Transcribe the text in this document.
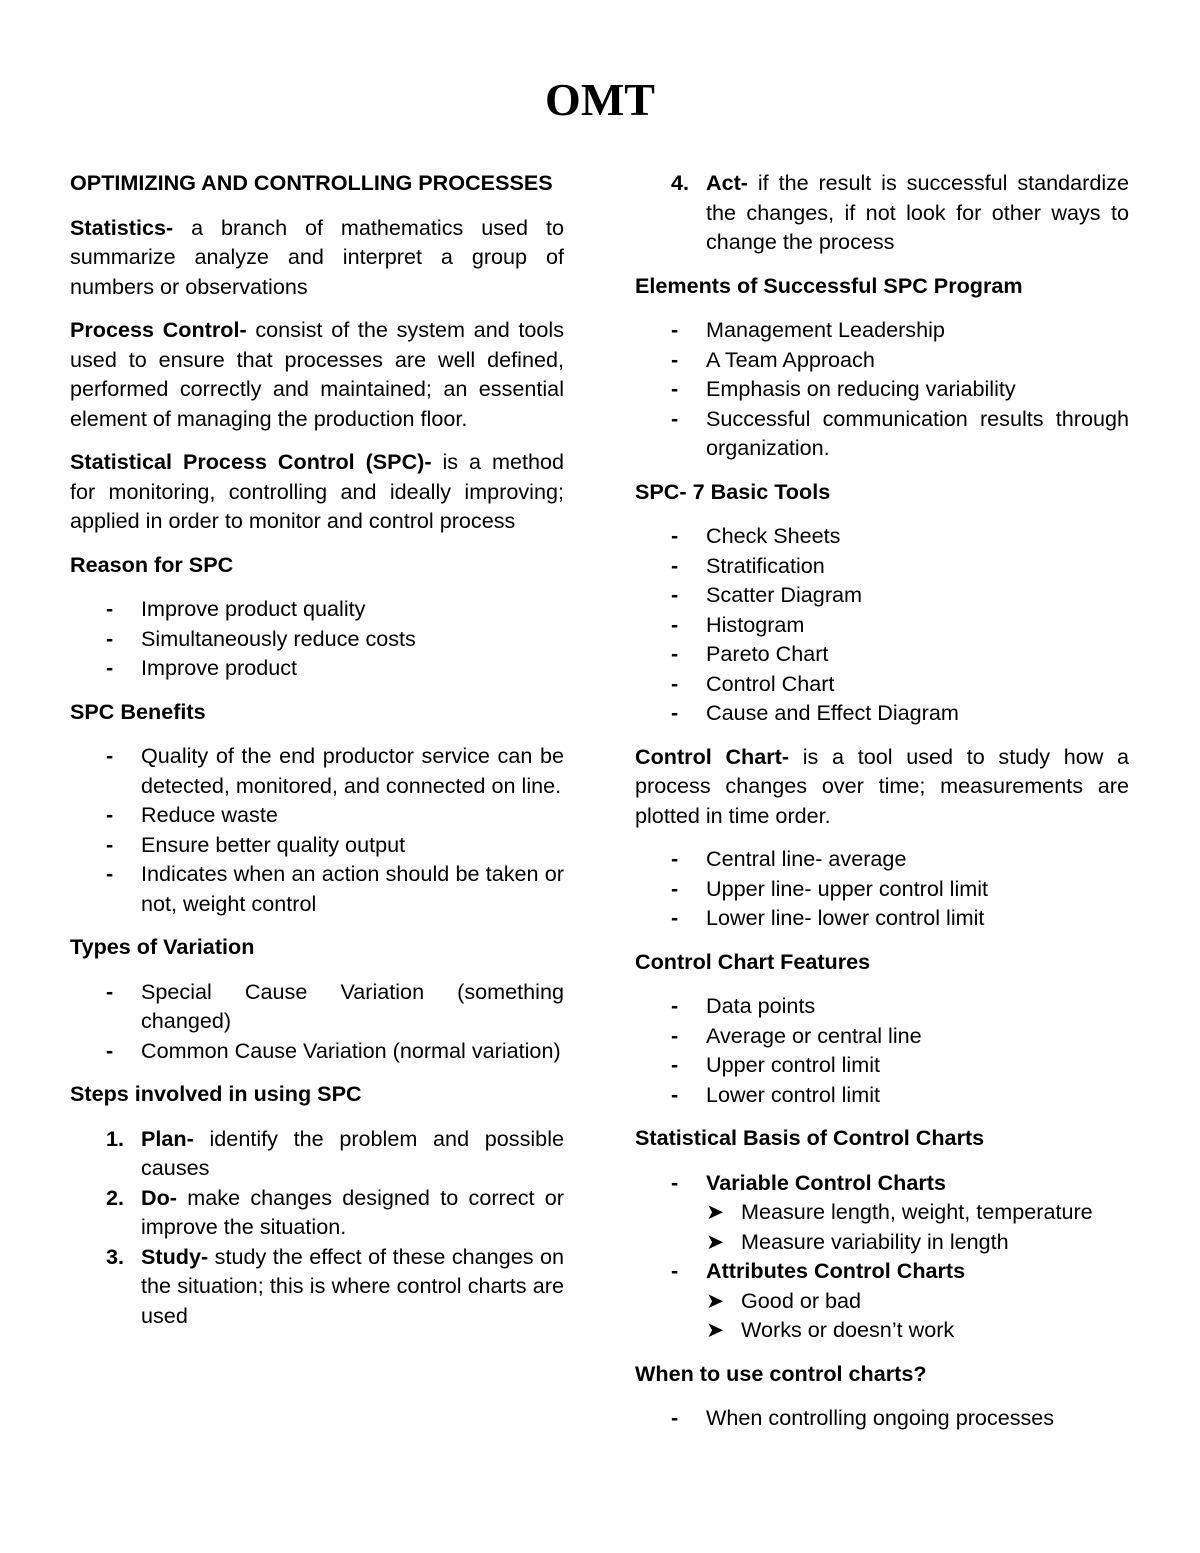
OMT

OPTIMIZING AND CONTROLLING PROCESSES

Statistics- a branch of mathematics used to summarize analyze and interpret a group of numbers or observations

Process Control- consist of the system and tools used to ensure that processes are well defined, performed correctly and maintained; an essential element of managing the production floor.

Statistical Process Control (SPC)- is a method for monitoring, controlling and ideally improving; applied in order to monitor and control process

Reason for SPC

- Improve product quality
- Simultaneously reduce costs
- Improve product

SPC Benefits

- Quality of the end productor service can be detected, monitored, and connected on line.
- Reduce waste
- Ensure better quality output
- Indicates when an action should be taken or not, weight control

Types of Variation

- Special Cause Variation (something changed)
- Common Cause Variation (normal variation)

Steps involved in using SPC

1. Plan- identify the problem and possible causes
2. Do- make changes designed to correct or improve the situation.
3. Study- study the effect of these changes on the situation; this is where control charts are used
4. Act- if the result is successful standardize the changes, if not look for other ways to change the process

Elements of Successful SPC Program

- Management Leadership
- A Team Approach
- Emphasis on reducing variability
- Successful communication results through organization.

SPC- 7 Basic Tools

- Check Sheets
- Stratification
- Scatter Diagram
- Histogram
- Pareto Chart
- Control Chart
- Cause and Effect Diagram

Control Chart- is a tool used to study how a process changes over time; measurements are plotted in time order.

- Central line- average
- Upper line- upper control limit
- Lower line- lower control limit

Control Chart Features

- Data points
- Average or central line
- Upper control limit
- Lower control limit

Statistical Basis of Control Charts

- Variable Control Charts
➤ Measure length, weight, temperature
➤ Measure variability in length
- Attributes Control Charts
➤ Good or bad
➤ Works or doesn’t work

When to use control charts?

- When controlling ongoing processes
